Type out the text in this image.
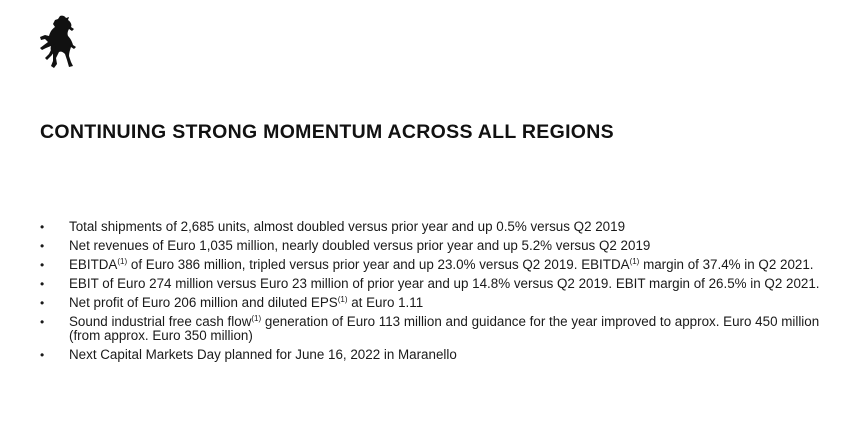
CONTINUING STRONG MOMENTUM ACROSS ALL REGIONS
• Total shipments of 2,685 units, almost doubled versus prior year and up 0.5% versus Q2 2019
• Net revenues of Euro 1,035 million, nearly doubled versus prior year and up 5.2% versus Q2 2019
• EBITDA$^{(1)}$ of Euro 386 million, tripled versus prior year and up 23.0% versus Q2 2019. EBITDA$^{(1)}$ margin of 37.4% in Q2 2021.
• EBIT of Euro 274 million versus Euro 23 million of prior year and up 14.8% versus Q2 2019. EBIT margin of 26.5% in Q2 2021.
• Net profit of Euro 206 million and diluted EPS$^{(1)}$ at Euro 1.11
• Sound industrial free cash flow$^{(1)}$ generation of Euro 113 million and guidance for the year improved to approx. Euro 450 million (from approx. Euro 350 million)
• Next Capital Markets Day planned for June 16, 2022 in Maranello
